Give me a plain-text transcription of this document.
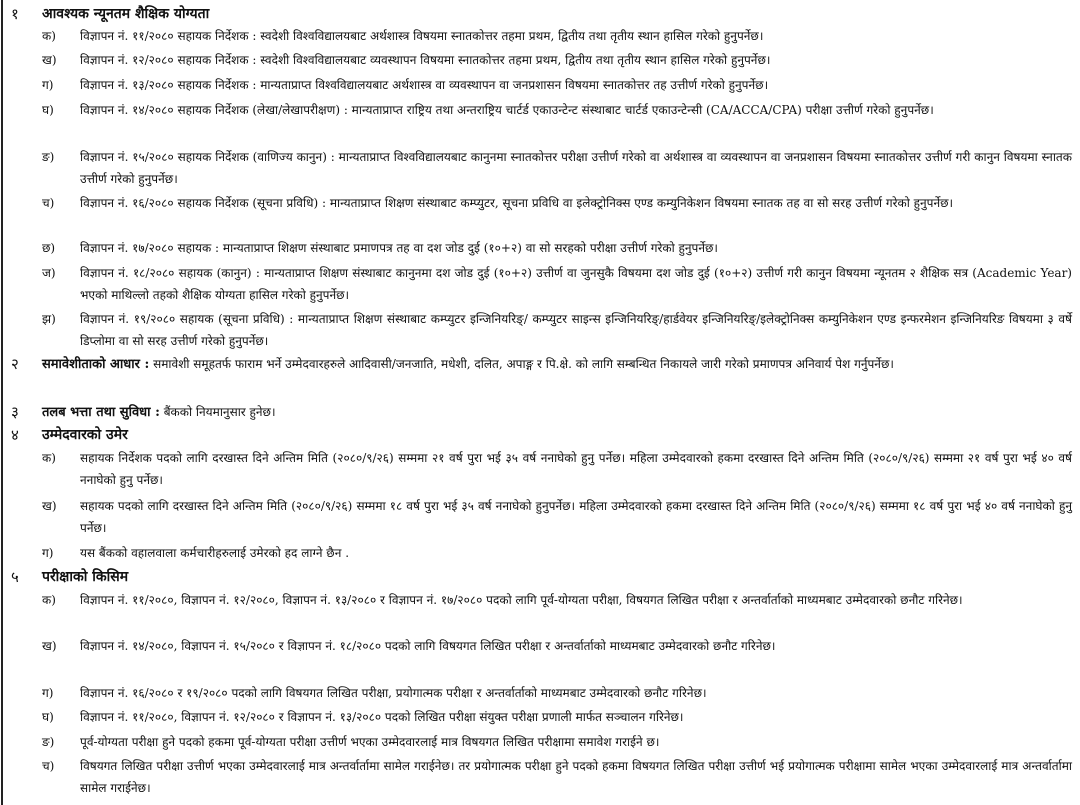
१ आवश्यक न्यूनतम शैक्षिक योग्यता
क)	विज्ञापन नं. ११/२०८० सहायक निर्देशक : स्वदेशी विश्वविद्यालयबाट अर्थशास्त्र विषयमा स्नातकोत्तर तहमा प्रथम, द्वितीय तथा तृतीय स्थान हासिल गरेको हुनुपर्नेछ।
ख)	विज्ञापन नं. १२/२०८० सहायक निर्देशक : स्वदेशी विश्वविद्यालयबाट व्यवस्थापन विषयमा स्नातकोत्तर तहमा प्रथम, द्वितीय तथा तृतीय स्थान हासिल गरेको हुनुपर्नेछ।
ग)	विज्ञापन नं. १३/२०८० सहायक निर्देशक : मान्यताप्राप्त विश्वविद्यालयबाट अर्थशास्त्र वा व्यवस्थापन वा जनप्रशासन विषयमा स्नातकोत्तर तह उत्तीर्ण गरेको हुनुपर्नेछ।
घ)	विज्ञापन नं. १४/२०८० सहायक निर्देशक (लेखा/लेखापरीक्षण) : मान्यताप्राप्त राष्ट्रिय तथा अन्तराष्ट्रिय चार्टर्ड एकाउन्टेन्ट संस्थाबाट चार्टर्ड एकाउन्टेन्सी (CA/ACCA/CPA) परीक्षा उत्तीर्ण गरेको हुनुपर्नेछ।
ङ)	विज्ञापन नं. १५/२०८० सहायक निर्देशक (वाणिज्य कानुन) : मान्यताप्राप्त विश्वविद्यालयबाट कानुनमा स्नातकोत्तर परीक्षा उत्तीर्ण गरेको वा अर्थशास्त्र वा व्यवस्थापन वा जनप्रशासन विषयमा स्नातकोत्तर उत्तीर्ण गरी कानुन विषयमा स्नातक उत्तीर्ण गरेको हुनुपर्नेछ।
च)	विज्ञापन नं. १६/२०८० सहायक निर्देशक (सूचना प्रविधि) : मान्यताप्राप्त शिक्षण संस्थाबाट कम्प्युटर, सूचना प्रविधि वा इलेक्ट्रोनिक्स एण्ड कम्युनिकेशन विषयमा स्नातक तह वा सो सरह उत्तीर्ण गरेको हुनुपर्नेछ।
छ)	विज्ञापन नं. १७/२०८० सहायक : मान्यताप्राप्त शिक्षण संस्थाबाट प्रमाणपत्र तह वा दश जोड दुई (१०+२) वा सो सरहको परीक्षा उत्तीर्ण गरेको हुनुपर्नेछ।
ज)	विज्ञापन नं. १८/२०८० सहायक (कानुन) : मान्यताप्राप्त शिक्षण संस्थाबाट कानुनमा दश जोड दुई (१०+२) उत्तीर्ण वा जुनसुकै विषयमा दश जोड दुई (१०+२) उत्तीर्ण गरी कानुन विषयमा न्यूनतम २ शैक्षिक सत्र (Academic Year) भएको माथिल्लो तहको शैक्षिक योग्यता हासिल गरेको हुनुपर्नेछ।
झ)	विज्ञापन नं. १९/२०८० सहायक (सूचना प्रविधि) : मान्यताप्राप्त शिक्षण संस्थाबाट कम्प्युटर इन्जिनियरिङ्/ कम्प्युटर साइन्स इन्जिनियरिङ्/हार्डवेयर इन्जिनियरिङ्/इलेक्ट्रोनिक्स कम्युनिकेशन एण्ड इन्फरमेशन इन्जिनियरिङ विषयमा ३ वर्षे डिप्लोमा वा सो सरह उत्तीर्ण गरेको हुनुपर्नेछ।
२ समावेशीताको आधार : समावेशी समूहतर्फ फाराम भर्ने उम्मेदवारहरुले आदिवासी/जनजाति, मधेशी, दलित, अपाङ्ग र पि.क्षे. को लागि सम्बन्धित निकायले जारी गरेको प्रमाणपत्र अनिवार्य पेश गर्नुपर्नेछ।
३ तलब भत्ता तथा सुविधा : बैंकको नियमानुसार हुनेछ।
४ उम्मेदवारको उमेर
क)	सहायक निर्देशक पदको लागि दरखास्त दिने अन्तिम मिति (२०८०/९/२६) सम्ममा २१ वर्ष पुरा भई ३५ वर्ष ननाघेको हुनु पर्नेछ। महिला उम्मेदवारको हकमा दरखास्त दिने अन्तिम मिति (२०८०/९/२६) सम्ममा २१ वर्ष पुरा भई ४० वर्ष ननाघेको हुनु पर्नेछ।
ख)	सहायक पदको लागि दरखास्त दिने अन्तिम मिति (२०८०/९/२६) सम्ममा १८ वर्ष पुरा भई ३५ वर्ष ननाघेको हुनुपर्नेछ। महिला उम्मेदवारको हकमा दरखास्त दिने अन्तिम मिति (२०८०/९/२६) सम्ममा १८ वर्ष पुरा भई ४० वर्ष ननाघेको हुनु पर्नेछ।
ग)	यस बैंकको वहालवाला कर्मचारीहरुलाई उमेरको हद लाग्ने छैन .
५ परीक्षाको किसिम
क)	विज्ञापन नं. ११/२०८०, विज्ञापन नं. १२/२०८०, विज्ञापन नं. १३/२०८० र विज्ञापन नं. १७/२०८० पदको लागि पूर्व-योग्यता परीक्षा, विषयगत लिखित परीक्षा र अन्तर्वार्ताको माध्यमबाट उम्मेदवारको छनौट गरिनेछ।
ख)	विज्ञापन नं. १४/२०८०, विज्ञापन नं. १५/२०८० र विज्ञापन नं. १८/२०८० पदको लागि विषयगत लिखित परीक्षा र अन्तर्वार्ताको माध्यमबाट उम्मेदवारको छनौट गरिनेछ।
ग)	विज्ञापन नं. १६/२०८० र १९/२०८० पदको लागि विषयगत लिखित परीक्षा, प्रयोगात्मक परीक्षा र अन्तर्वार्ताको माध्यमबाट उम्मेदवारको छनौट गरिनेछ।
घ)	विज्ञापन नं. ११/२०८०, विज्ञापन नं. १२/२०८० र विज्ञापन नं. १३/२०८० पदको लिखित परीक्षा संयुक्त परीक्षा प्रणाली मार्फत सञ्चालन गरिनेछ।
ङ)	पूर्व-योग्यता परीक्षा हुने पदको हकमा पूर्व-योग्यता परीक्षा उत्तीर्ण भएका उम्मेदवारलाई मात्र विषयगत लिखित परीक्षामा समावेश गराईने छ।
च)	विषयगत लिखित परीक्षा उत्तीर्ण भएका उम्मेदवारलाई मात्र अन्तर्वार्तामा सामेल गराईनेछ। तर प्रयोगात्मक परीक्षा हुने पदको हकमा विषयगत लिखित परीक्षा उत्तीर्ण भई प्रयोगात्मक परीक्षामा सामेल भएका उम्मेदवारलाई मात्र अन्तर्वार्तामा सामेल गराईनेछ।
